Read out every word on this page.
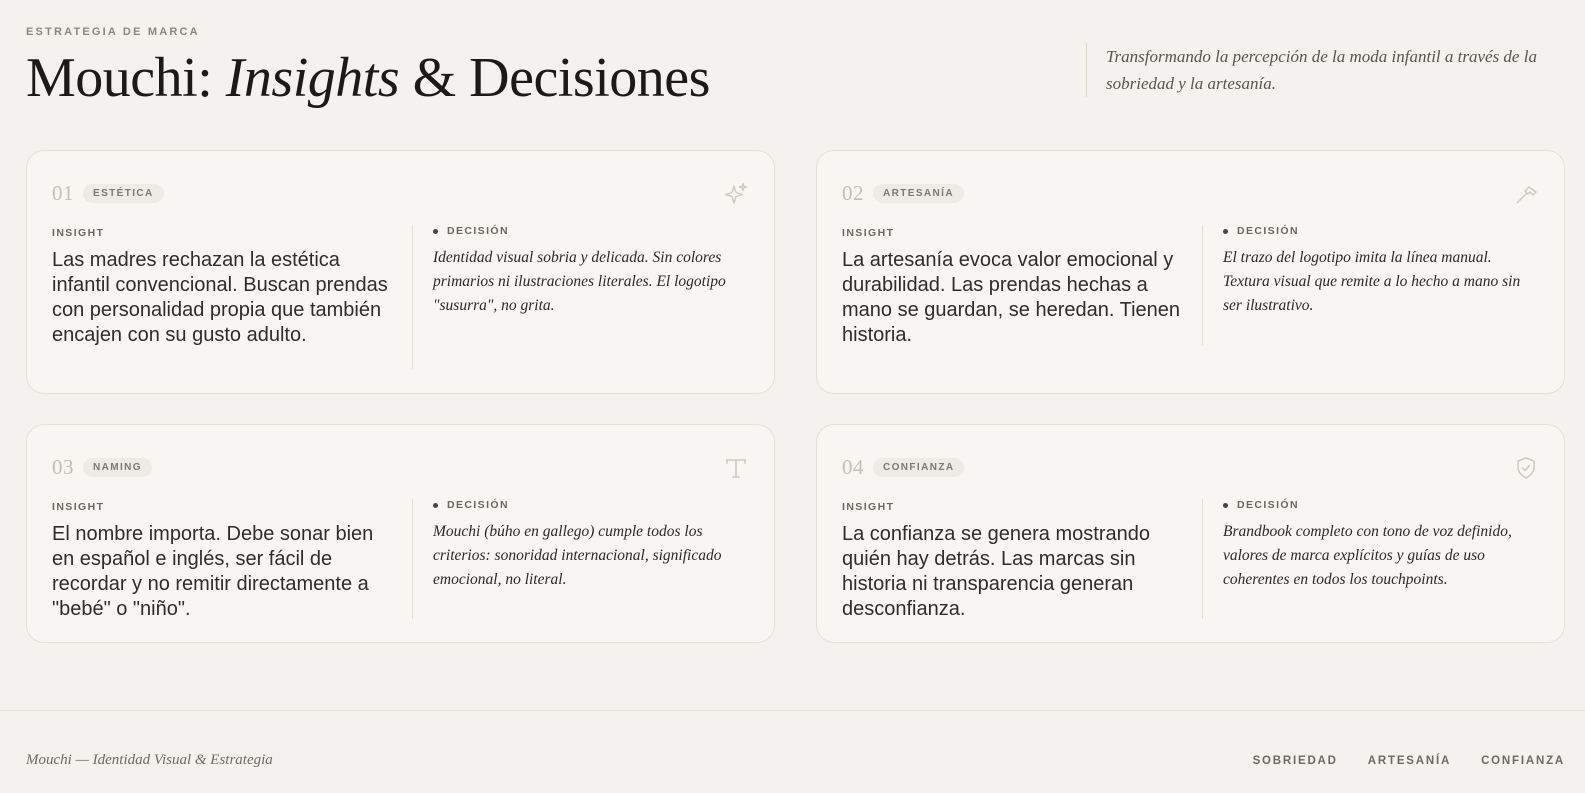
ESTRATEGIA DE MARCA
Mouchi: Insights & Decisiones	Transformando la percepción de la moda infantil a través de la sobriedad y la artesanía.

01	ESTÉTICA
INSIGHT

Las madres rechazan la estética infantil convencional. Buscan prendas con personalidad propia que también encajen con su gusto adulto.

DECISIÓN

Identidad visual sobria y delicada. Sin colores primarios ni ilustraciones literales. El logotipo "susurra", no grita.

02	ARTESANÍA
INSIGHT

La artesanía evoca valor emocional y durabilidad. Las prendas hechas a mano se guardan, se heredan. Tienen historia.

DECISIÓN

El trazo del logotipo imita la línea manual. Textura visual que remite a lo hecho a mano sin ser ilustrativo.

03	NAMING
INSIGHT

El nombre importa. Debe sonar bien en español e inglés, ser fácil de recordar y no remitir directamente a "bebé" o "niño".

DECISIÓN

Mouchi (búho en gallego) cumple todos los criterios: sonoridad internacional, significado emocional, no literal.

04	CONFIANZA
INSIGHT

La confianza se genera mostrando quién hay detrás. Las marcas sin historia ni transparencia generan desconfianza.

DECISIÓN

Brandbook completo con tono de voz definido, valores de marca explícitos y guías de uso coherentes en todos los touchpoints.

Mouchi — Identidad Visual & Estrategia	SOBRIEDAD	ARTESANÍA	CONFIANZA
